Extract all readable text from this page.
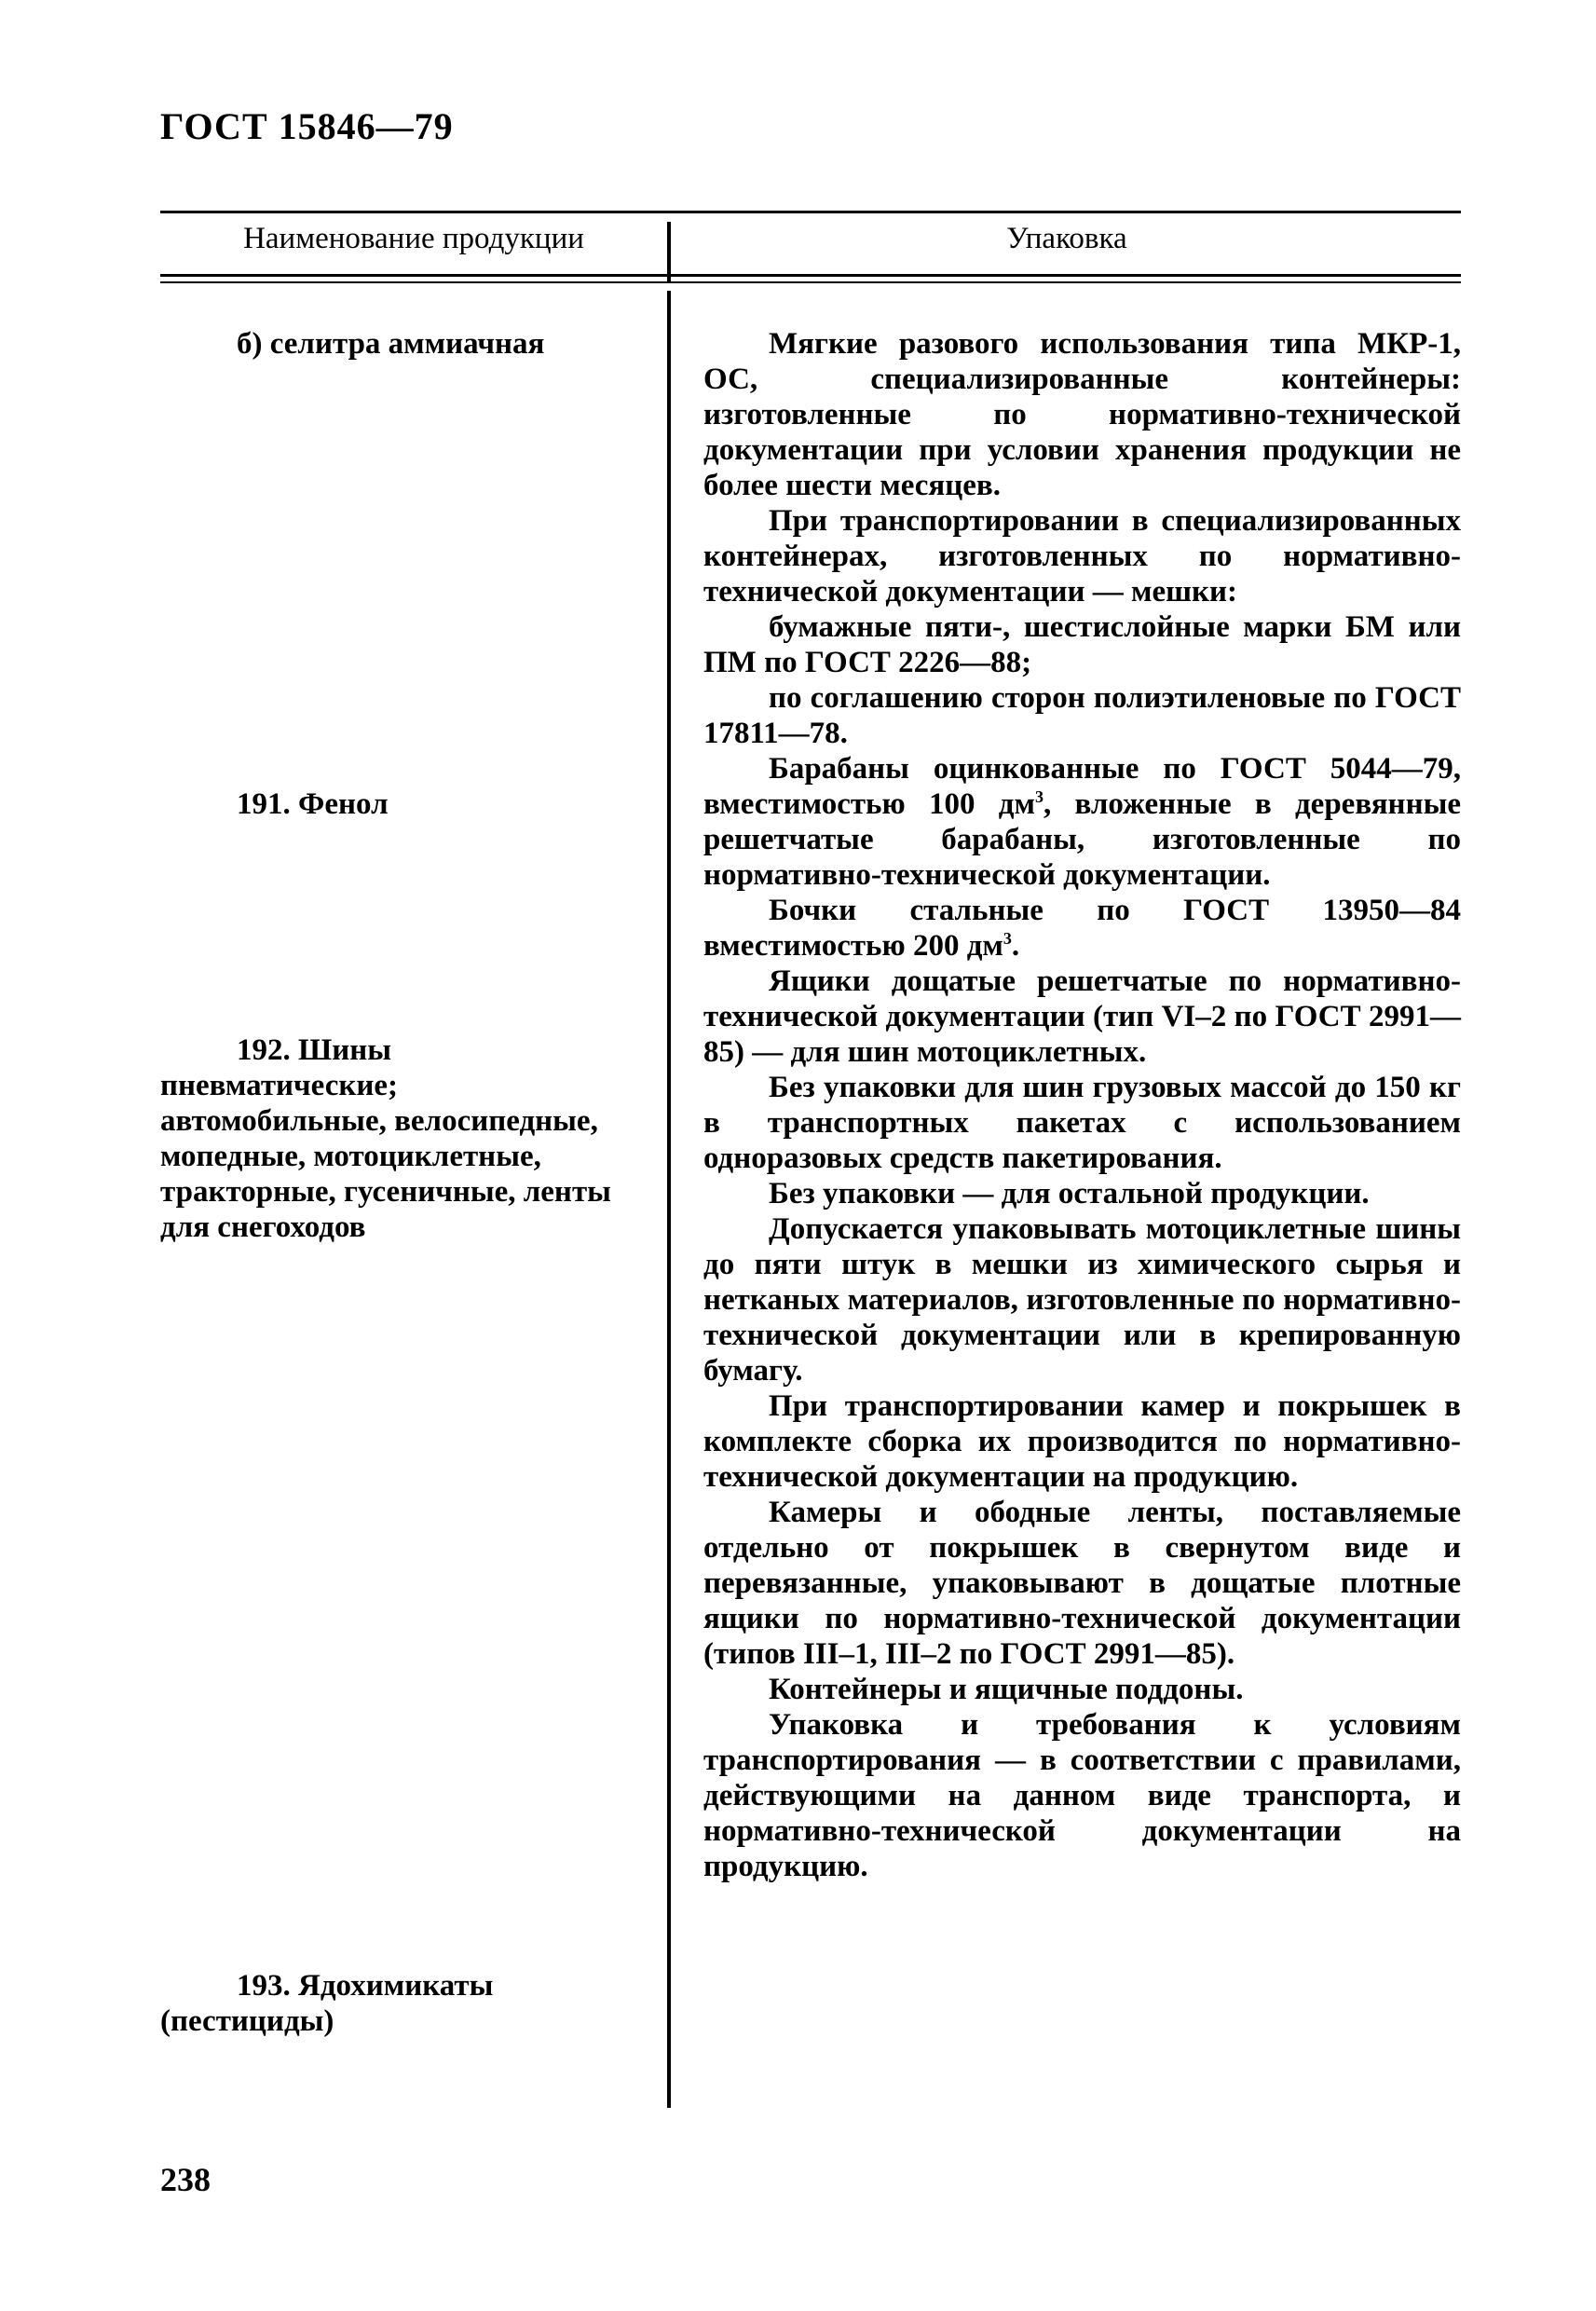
ГОСТ 15846—79
Наименование продукции	Упаковка
б) селитра аммиачная
191. Фенол
192. Шины пневматические; автомобильные, велосипедные, мопедные, мотоциклетные, тракторные, гусеничные, ленты для снегоходов
193. Ядохимикаты (пестициды)

Мягкие разового использования типа МКР-1, ОС, специализированные контейнеры: изготовленные по нормативно-технической документации при условии хранения продукции не более шести месяцев.

При транспортировании в специализированных контейнерах, изготовленных по нормативно-технической документации — мешки:

бумажные пяти-, шестислойные марки БМ или ПМ по ГОСТ 2226—88;

по соглашению сторон полиэтиленовые по ГОСТ 17811—78.

Барабаны оцинкованные по ГОСТ 5044—79, вместимостью 100 $дм^3$, вложенные в деревянные решетчатые барабаны, изготовленные по нормативно-технической документации.

Бочки стальные по ГОСТ 13950—84 вместимостью 200 $дм^3$.

Ящики дощатые решетчатые по нормативно-технической документации (тип VI–2 по ГОСТ 2991—85) — для шин мотоциклетных.

Без упаковки для шин грузовых массой до 150 кг в транспортных пакетах с использованием одноразовых средств пакетирования.

Без упаковки — для остальной продукции.

Допускается упаковывать мотоциклетные шины до пяти штук в мешки из химического сырья и нетканых материалов, изготовленные по нормативно-технической документации или в крепированную бумагу.

При транспортировании камер и покрышек в комплекте сборка их производится по нормативно-технической документации на продукцию.

Камеры и ободные ленты, поставляемые отдельно от покрышек в свернутом виде и перевязанные, упаковывают в дощатые плотные ящики по нормативно-технической документации (типов III–1, III–2 по ГОСТ 2991—85).

Контейнеры и ящичные поддоны.

Упаковка и требования к условиям транспортирования — в соответствии с правилами, действующими на данном виде транспорта, и нормативно-технической документации на продукцию.

238
